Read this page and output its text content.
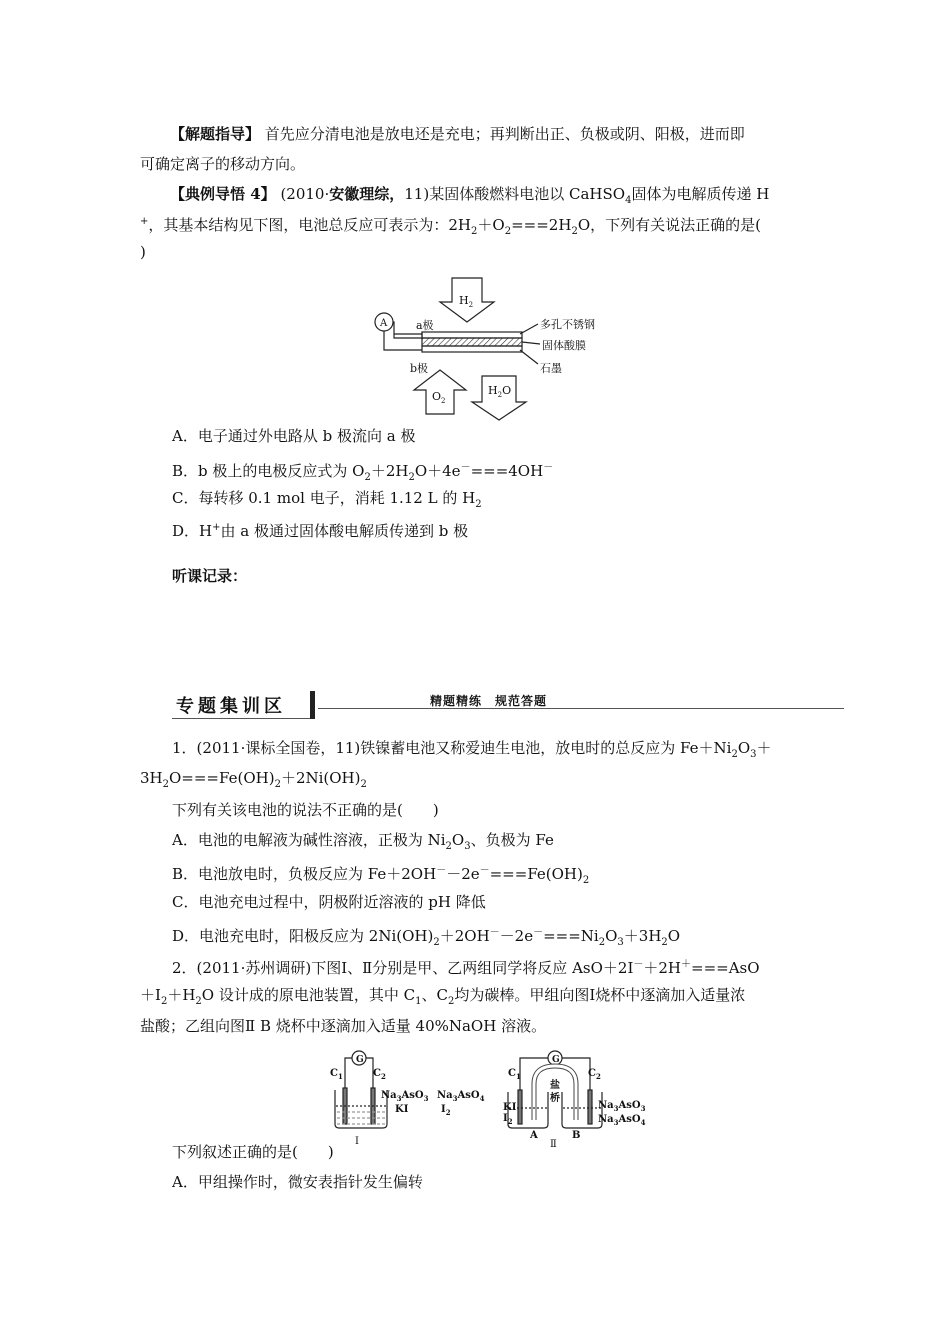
【解题指导】 首先应分清电池是放电还是充电；再判断出正、负极或阴、阳极，进而即
可确定离子的移动方向。
【典例导悟 4】 (2010·安徽理综，11)某固体酸燃料电池以 CaHSO$_4$固体为电解质传递 H
+，其基本结构见下图，电池总反应可表示为：$2H_2+O_2===2H_2O$，下列有关说法正确的是(
)
$H_2$
A	a极
b极
多孔不锈钢
固体酸膜
石墨
$O_2$
$H_2O$
A．电子通过外电路从 b 极流向 a 极
B．b 极上的电极反应式为 $O_2+2H_2O+4e^-===4OH^-$
C．每转移 0.1 mol 电子，消耗 1.12 L 的 $H_2$
D．H+由 a 极通过固体酸电解质传递到 b 极
听课记录：
专题集训区	精题精练　规范答题
1．(2011·课标全国卷，11)铁镍蓄电池又称爱迪生电池，放电时的总反应为 $Fe+Ni_2O_3+$
$3H_2O===Fe(OH)_2+2Ni(OH)_2$
下列有关该电池的说法不正确的是(　　)
A．电池的电解液为碱性溶液，正极为 $Ni_2O_3$、负极为 Fe
B．电池放电时，负极反应为 $Fe+2OH^--2e^-===Fe(OH)_2$
C．电池充电过程中，阴极附近溶液的 pH 降低
D．电池充电时，阳极反应为 $2Ni(OH)_2+2OH^--2e^-===Ni_2O_3+3H_2O$
2．(2011·苏州调研)下图Ⅰ、Ⅱ分别是甲、乙两组同学将反应 AsO＋2I－＋2H＋===AsO
$+I_2+H_2O$ 设计成的原电池装置，其中 $C_1$、$C_2$均为碳棒。甲组向图Ⅰ烧杯中逐滴加入适量浓
盐酸；乙组向图Ⅱ B 烧杯中逐滴加入适量 40%NaOH 溶液。
G
$C_1$	$C_2$
$Na_3AsO_3$ $Na_3AsO_4$
KI	$I_2$
Ⅰ
G
$C_1$	$C_2$
盐
桥
KI
$I_2$
$Na_3AsO_3$
$Na_3AsO_4$
A	B
Ⅱ
下列叙述正确的是(　　)
A．甲组操作时，微安表指针发生偏转
